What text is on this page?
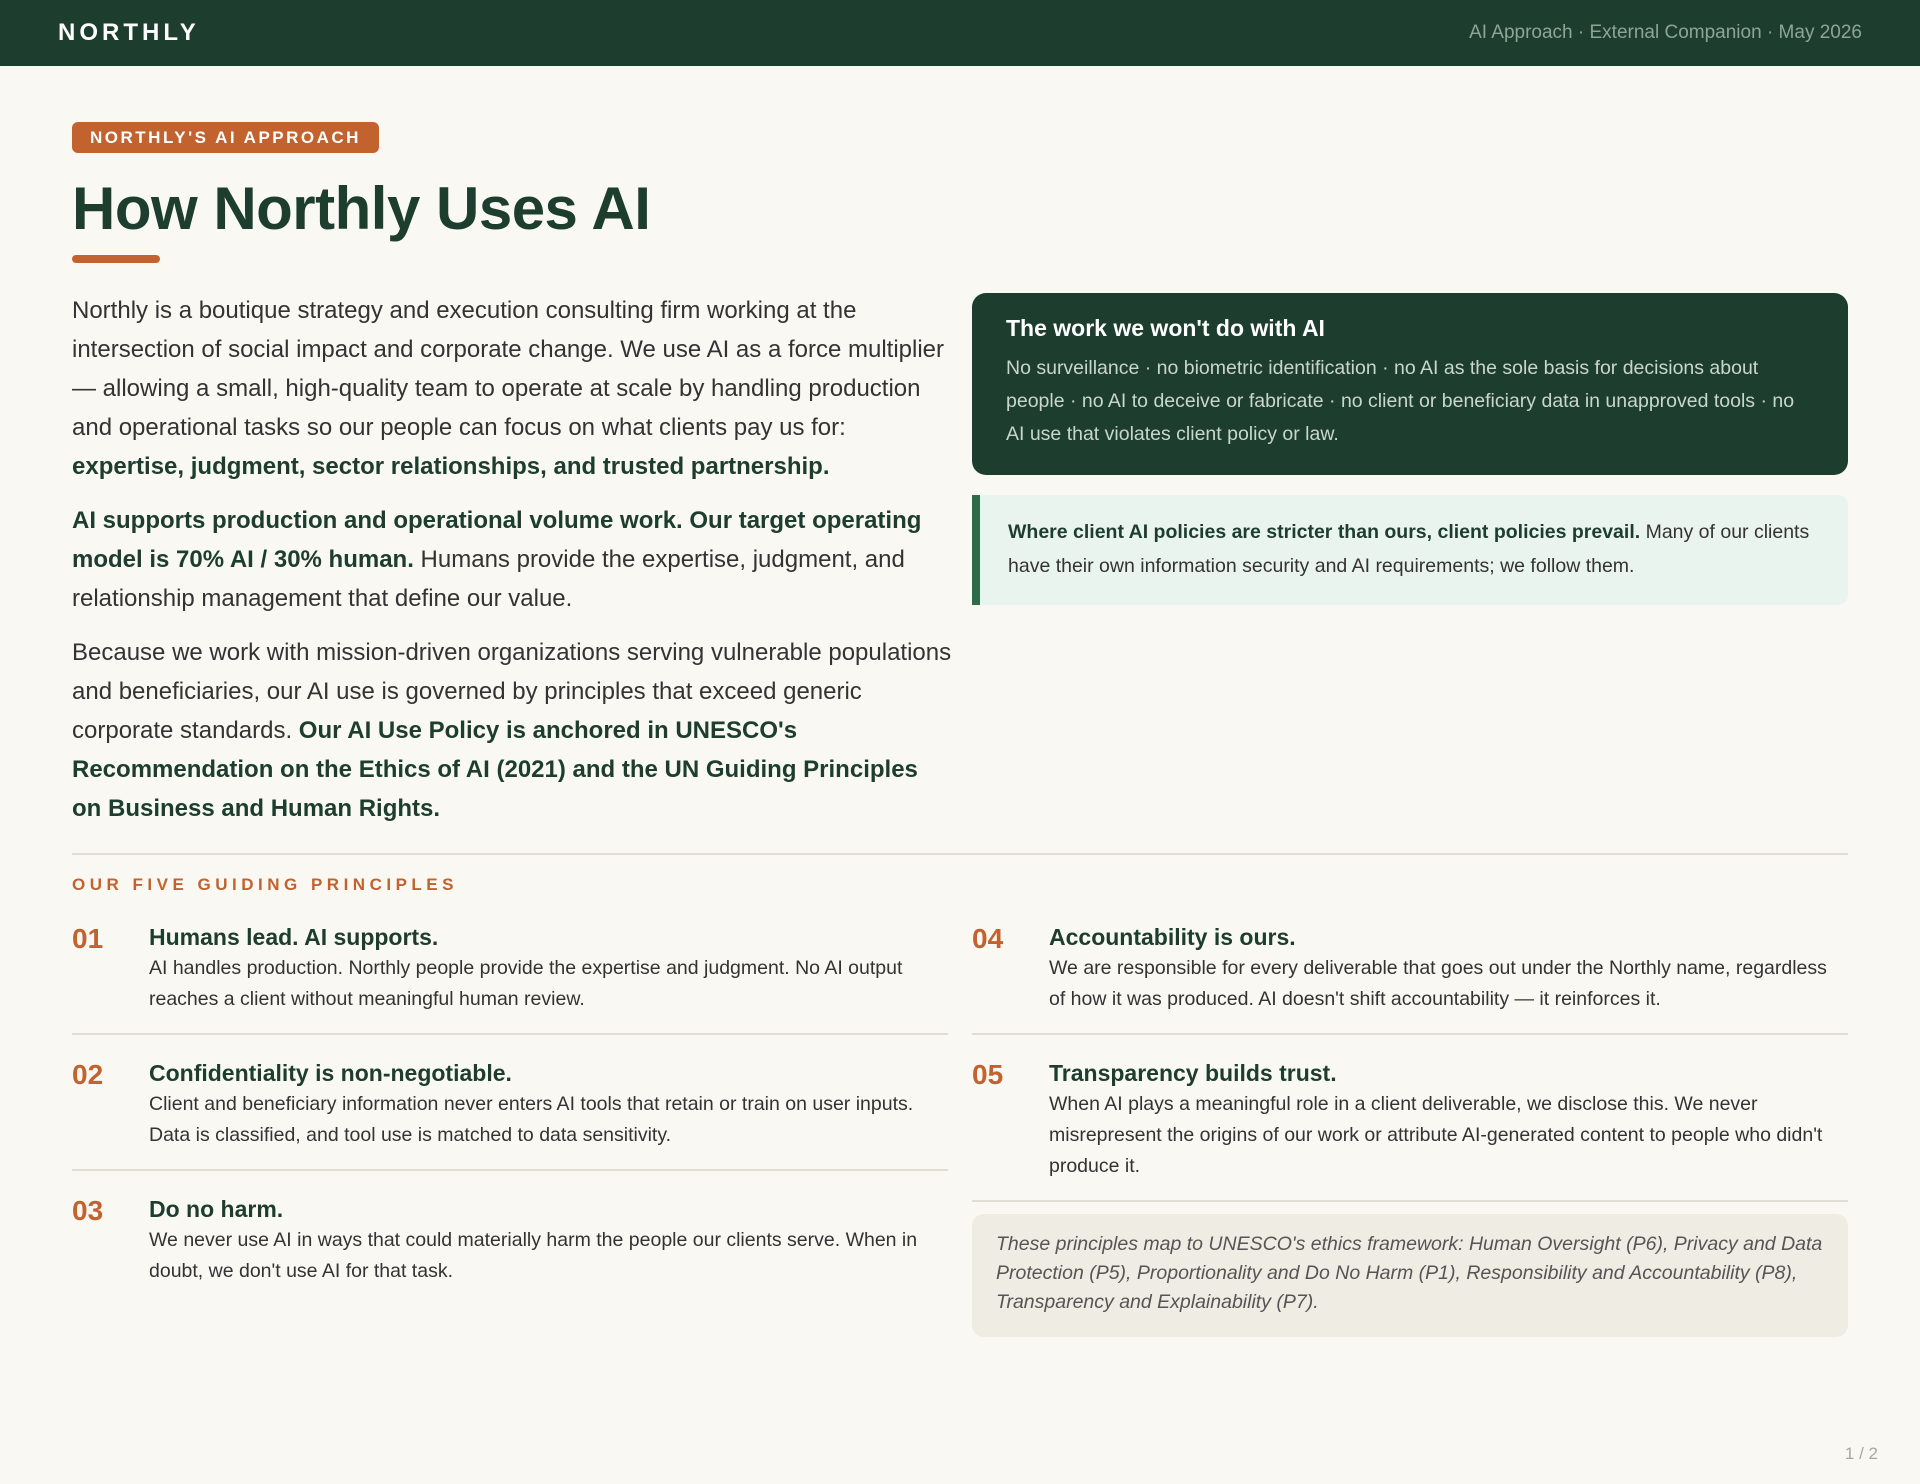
NORTHLY	AI Approach · External Companion · May 2026
NORTHLY'S AI APPROACH
How Northly Uses AI

Northly is a boutique strategy and execution consulting firm working at the intersection of social impact and corporate change. We use AI as a force multiplier — allowing a small, high-quality team to operate at scale by handling production and operational tasks so our people can focus on what clients pay us for: expertise, judgment, sector relationships, and trusted partnership.

AI supports production and operational volume work. Our target operating model is 70% AI / 30% human. Humans provide the expertise, judgment, and relationship management that define our value.

Because we work with mission-driven organizations serving vulnerable populations and beneficiaries, our AI use is governed by principles that exceed generic corporate standards. Our AI Use Policy is anchored in UNESCO's Recommendation on the Ethics of AI (2021) and the UN Guiding Principles on Business and Human Rights.

The work we won't do with AI
No surveillance · no biometric identification · no AI as the sole basis for decisions about people · no AI to deceive or fabricate · no client or beneficiary data in unapproved tools · no AI use that violates client policy or law.
Where client AI policies are stricter than ours, client policies prevail. Many of our clients have their own information security and AI requirements; we follow them.
OUR FIVE GUIDING PRINCIPLES
01	Humans lead. AI supports.
AI handles production. Northly people provide the expertise and judgment. No AI output reaches a client without meaningful human review.
02	Confidentiality is non-negotiable.
Client and beneficiary information never enters AI tools that retain or train on user inputs. Data is classified, and tool use is matched to data sensitivity.
03	Do no harm.
We never use AI in ways that could materially harm the people our clients serve. When in doubt, we don't use AI for that task.
04	Accountability is ours.
We are responsible for every deliverable that goes out under the Northly name, regardless of how it was produced. AI doesn't shift accountability — it reinforces it.
05	Transparency builds trust.
When AI plays a meaningful role in a client deliverable, we disclose this. We never misrepresent the origins of our work or attribute AI-generated content to people who didn't produce it.
These principles map to UNESCO's ethics framework: Human Oversight (P6), Privacy and Data Protection (P5), Proportionality and Do No Harm (P1), Responsibility and Accountability (P8), Transparency and Explainability (P7).
1 / 2
